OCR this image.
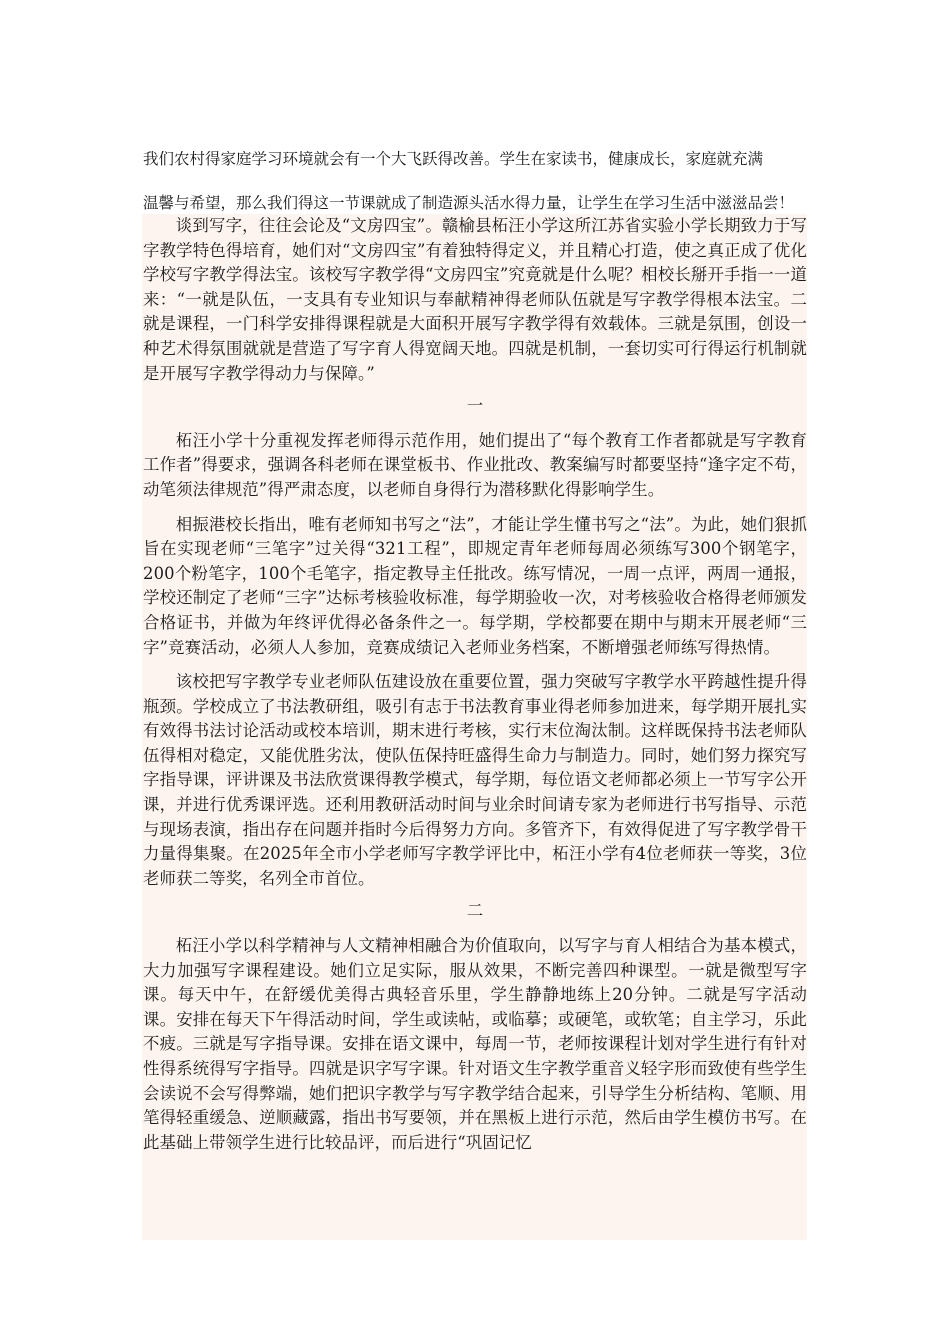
我们农村得家庭学习环境就会有一个大飞跃得改善。学生在家读书，健康成长，家庭就充满
温馨与希望，那么我们得这一节课就成了制造源头活水得力量，让学生在学习生活中滋滋品尝！

谈到写字，往往会论及“文房四宝”。赣榆县柘汪小学这所江苏省实验小学长期致力于写字教学特色得培育，她们对“文房四宝”有着独特得定义，并且精心打造，使之真正成了优化学校写字教学得法宝。该校写字教学得“文房四宝”究竟就是什么呢？相校长掰开手指一一道来：“一就是队伍，一支具有专业知识与奉献精神得老师队伍就是写字教学得根本法宝。二就是课程，一门科学安排得课程就是大面积开展写字教学得有效载体。三就是氛围，创设一种艺术得氛围就就是营造了写字育人得宽阔天地。四就是机制，一套切实可行得运行机制就是开展写字教学得动力与保障。”

一

柘汪小学十分重视发挥老师得示范作用，她们提出了“每个教育工作者都就是写字教育工作者”得要求，强调各科老师在课堂板书、作业批改、教案编写时都要坚持“逢字定不苟，动笔须法律规范”得严肃态度，以老师自身得行为潜移默化得影响学生。

相振港校长指出，唯有老师知书写之“法”，才能让学生懂书写之“法”。为此，她们狠抓旨在实现老师“三笔字”过关得“321工程”，即规定青年老师每周必须练写300个钢笔字，200个粉笔字，100个毛笔字，指定教导主任批改。练写情况，一周一点评，两周一通报，学校还制定了老师“三字”达标考核验收标准，每学期验收一次，对考核验收合格得老师颁发合格证书，并做为年终评优得必备条件之一。每学期，学校都要在期中与期末开展老师“三字”竞赛活动，必须人人参加，竞赛成绩记入老师业务档案，不断增强老师练写得热情。

该校把写字教学专业老师队伍建设放在重要位置，强力突破写字教学水平跨越性提升得瓶颈。学校成立了书法教研组，吸引有志于书法教育事业得老师参加进来，每学期开展扎实有效得书法讨论活动或校本培训，期末进行考核，实行末位淘汰制。这样既保持书法老师队伍得相对稳定，又能优胜劣汰，使队伍保持旺盛得生命力与制造力。同时，她们努力探究写字指导课，评讲课及书法欣赏课得教学模式，每学期，每位语文老师都必须上一节写字公开课，并进行优秀课评选。还利用教研活动时间与业余时间请专家为老师进行书写指导、示范与现场表演，指出存在问题并指时今后得努力方向。多管齐下，有效得促进了写字教学骨干力量得集聚。在2025年全市小学老师写字教学评比中，柘汪小学有4位老师获一等奖，3位老师获二等奖，名列全市首位。

二

柘汪小学以科学精神与人文精神相融合为价值取向，以写字与育人相结合为基本模式，大力加强写字课程建设。她们立足实际，服从效果，不断完善四种课型。一就是微型写字课。每天中午，在舒缓优美得古典轻音乐里，学生静静地练上20分钟。二就是写字活动课。安排在每天下午得活动时间，学生或读帖，或临摹；或硬笔，或软笔；自主学习，乐此不疲。三就是写字指导课。安排在语文课中，每周一节，老师按课程计划对学生进行有针对性得系统得写字指导。四就是识字写字课。针对语文生字教学重音义轻字形而致使有些学生会读说不会写得弊端，她们把识字教学与写字教学结合起来，引导学生分析结构、笔顺、用笔得轻重缓急、逆顺藏露，指出书写要领，并在黑板上进行示范，然后由学生模仿书写。在此基础上带领学生进行比较品评，而后进行“巩固记忆
